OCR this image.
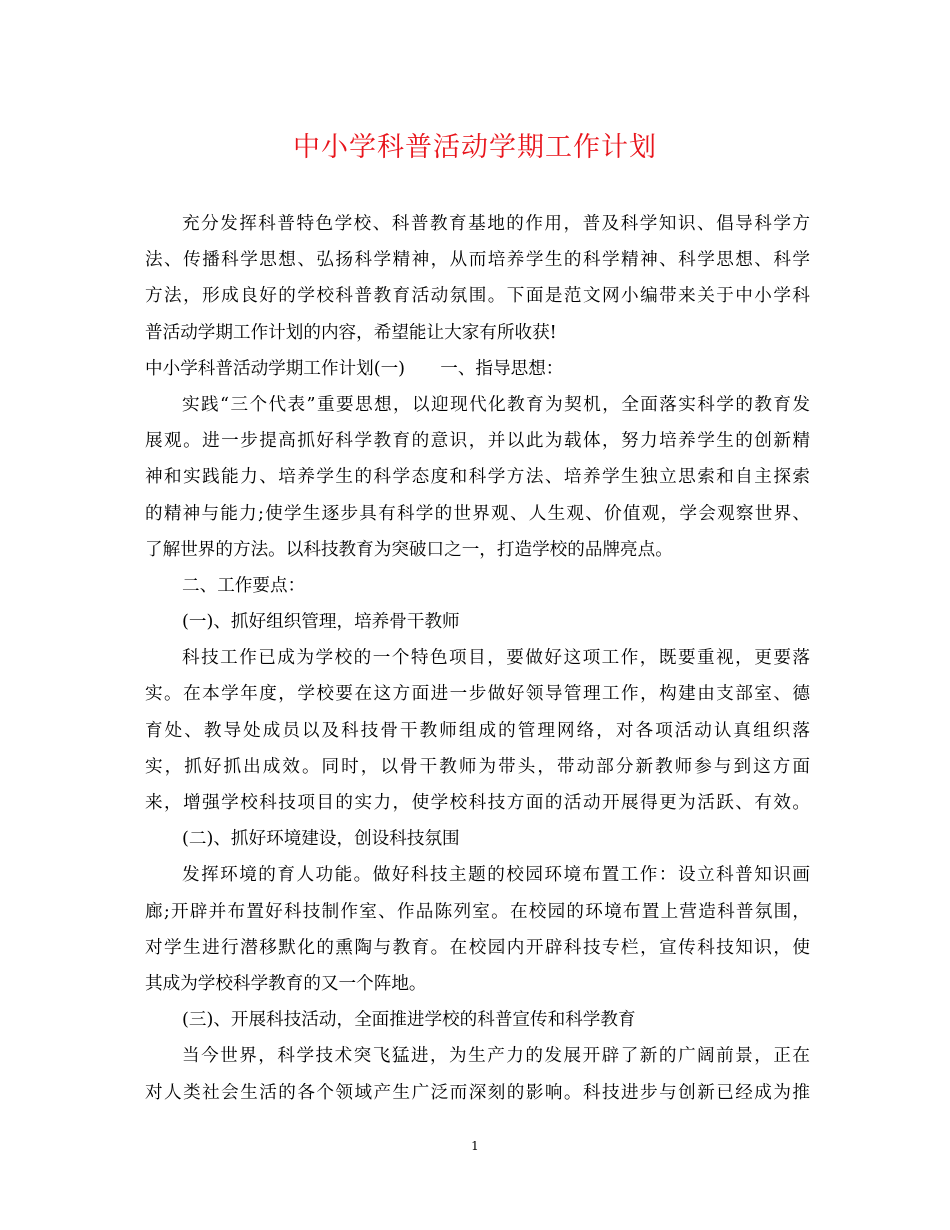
中小学科普活动学期工作计划
充分发挥科普特色学校、科普教育基地的作用，普及科学知识、倡导科学方
法、传播科学思想、弘扬科学精神，从而培养学生的科学精神、科学思想、科学
方法，形成良好的学校科普教育活动氛围。下面是范文网小编带来关于中小学科
普活动学期工作计划的内容，希望能让大家有所收获!
中小学科普活动学期工作计划(一)　　一、指导思想：
实践“三个代表”重要思想，以迎现代化教育为契机，全面落实科学的教育发
展观。进一步提高抓好科学教育的意识，并以此为载体，努力培养学生的创新精
神和实践能力、培养学生的科学态度和科学方法、培养学生独立思索和自主探索
的精神与能力;使学生逐步具有科学的世界观、人生观、价值观，学会观察世界、
了解世界的方法。以科技教育为突破口之一，打造学校的品牌亮点。
二、工作要点：
(一)、抓好组织管理，培养骨干教师
科技工作已成为学校的一个特色项目，要做好这项工作，既要重视，更要落
实。在本学年度，学校要在这方面进一步做好领导管理工作，构建由支部室、德
育处、教导处成员以及科技骨干教师组成的管理网络，对各项活动认真组织落
实，抓好抓出成效。同时，以骨干教师为带头，带动部分新教师参与到这方面
来，增强学校科技项目的实力，使学校科技方面的活动开展得更为活跃、有效。
(二)、抓好环境建设，创设科技氛围
发挥环境的育人功能。做好科技主题的校园环境布置工作：设立科普知识画
廊;开辟并布置好科技制作室、作品陈列室。在校园的环境布置上营造科普氛围，
对学生进行潜移默化的熏陶与教育。在校园内开辟科技专栏，宣传科技知识，使
其成为学校科学教育的又一个阵地。
(三)、开展科技活动，全面推进学校的科普宣传和科学教育
当今世界，科学技术突飞猛进，为生产力的发展开辟了新的广阔前景，正在
对人类社会生活的各个领域产生广泛而深刻的影响。科技进步与创新已经成为推
1
